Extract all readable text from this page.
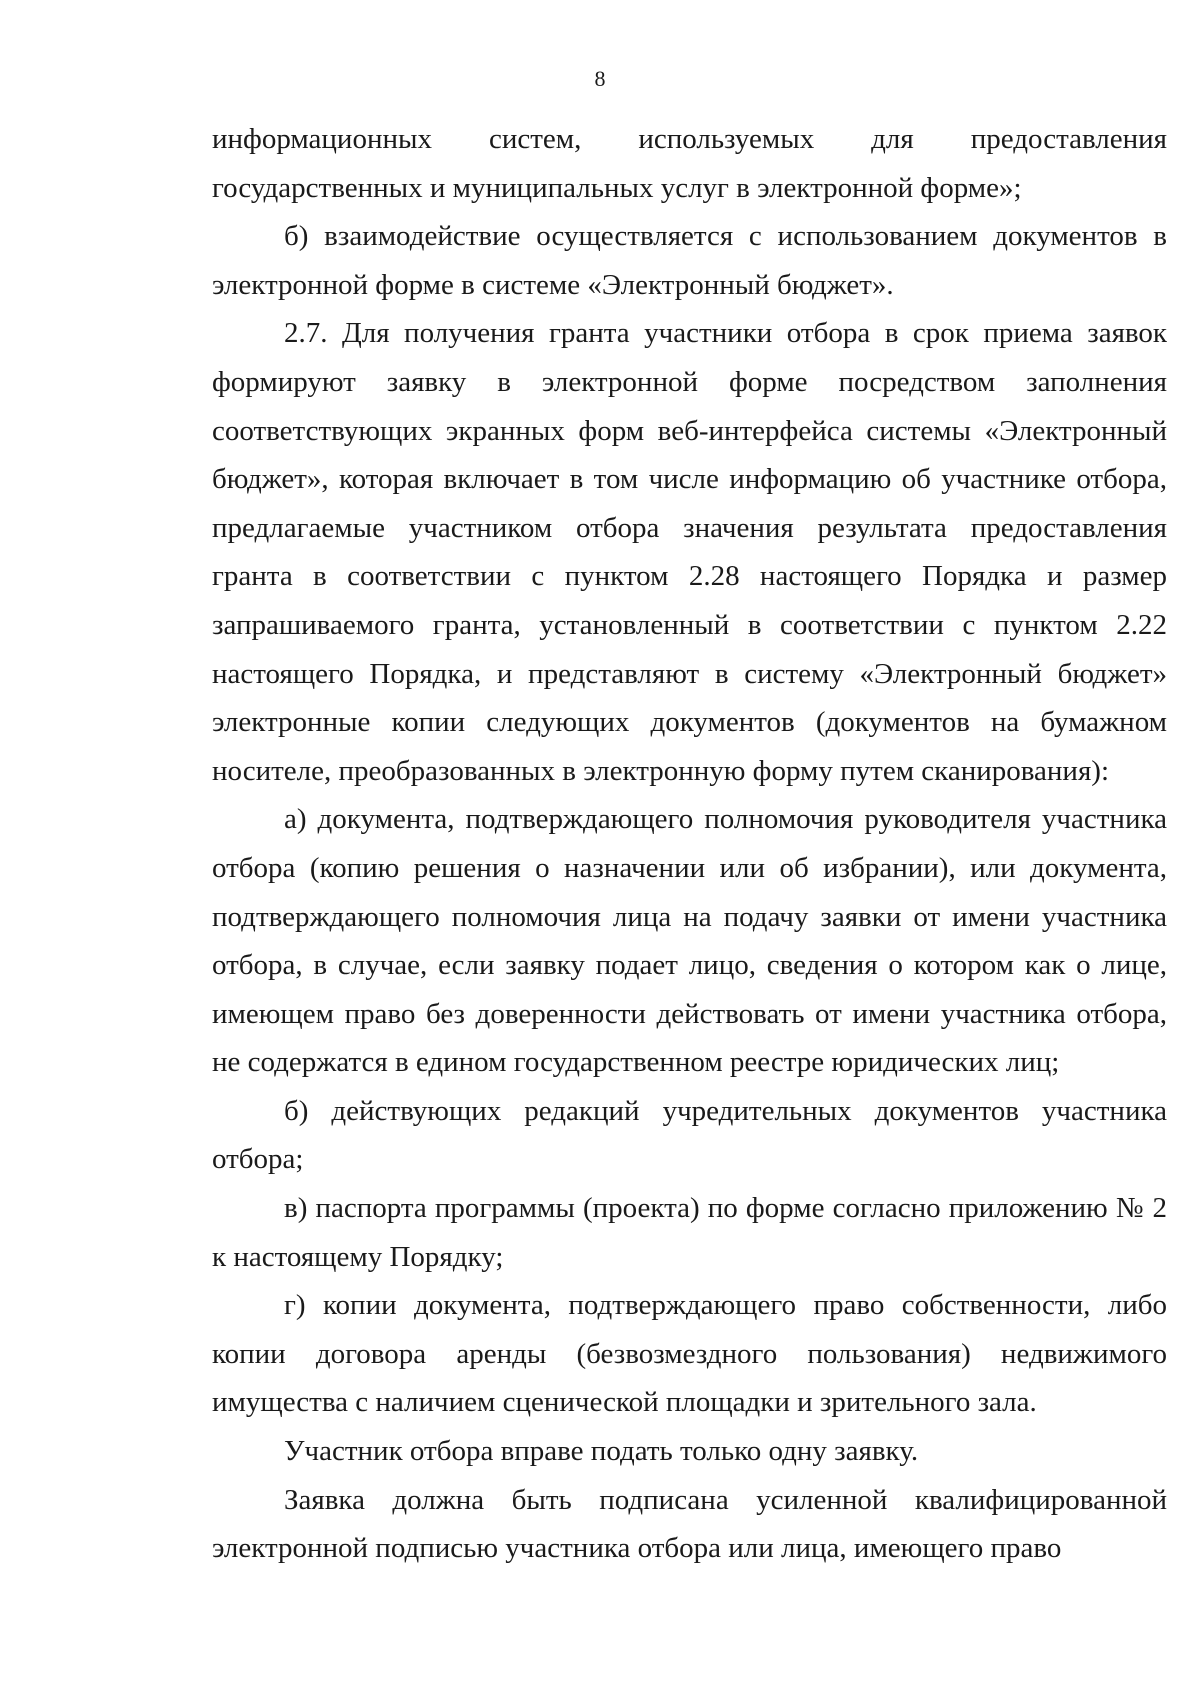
8

информационных систем, используемых для предоставления государственных и муниципальных услуг в электронной форме»;

б) взаимодействие осуществляется с использованием документов в электронной форме в системе «Электронный бюджет».

2.7. Для получения гранта участники отбора в срок приема заявок формируют заявку в электронной форме посредством заполнения соответствующих экранных форм веб-интерфейса системы «Электронный бюджет», которая включает в том числе информацию об участнике отбора, предлагаемые участником отбора значения результата предоставления гранта в соответствии с пунктом 2.28 настоящего Порядка и размер запрашиваемого гранта, установленный в соответствии с пунктом 2.22 настоящего Порядка, и представляют в систему «Электронный бюджет» электронные копии следующих документов (документов на бумажном носителе, преобразованных в электронную форму путем сканирования):

а) документа, подтверждающего полномочия руководителя участника отбора (копию решения о назначении или об избрании), или документа, подтверждающего полномочия лица на подачу заявки от имени участника отбора, в случае, если заявку подает лицо, сведения о котором как о лице, имеющем право без доверенности действовать от имени участника отбора, не содержатся в едином государственном реестре юридических лиц;

б) действующих редакций учредительных документов участника отбора;

в) паспорта программы (проекта) по форме согласно приложению № 2 к настоящему Порядку;

г) копии документа, подтверждающего право собственности, либо копии договора аренды (безвозмездного пользования) недвижимого имущества с наличием сценической площадки и зрительного зала.

Участник отбора вправе подать только одну заявку.

Заявка должна быть подписана усиленной квалифицированной электронной подписью участника отбора или лица, имеющего право
